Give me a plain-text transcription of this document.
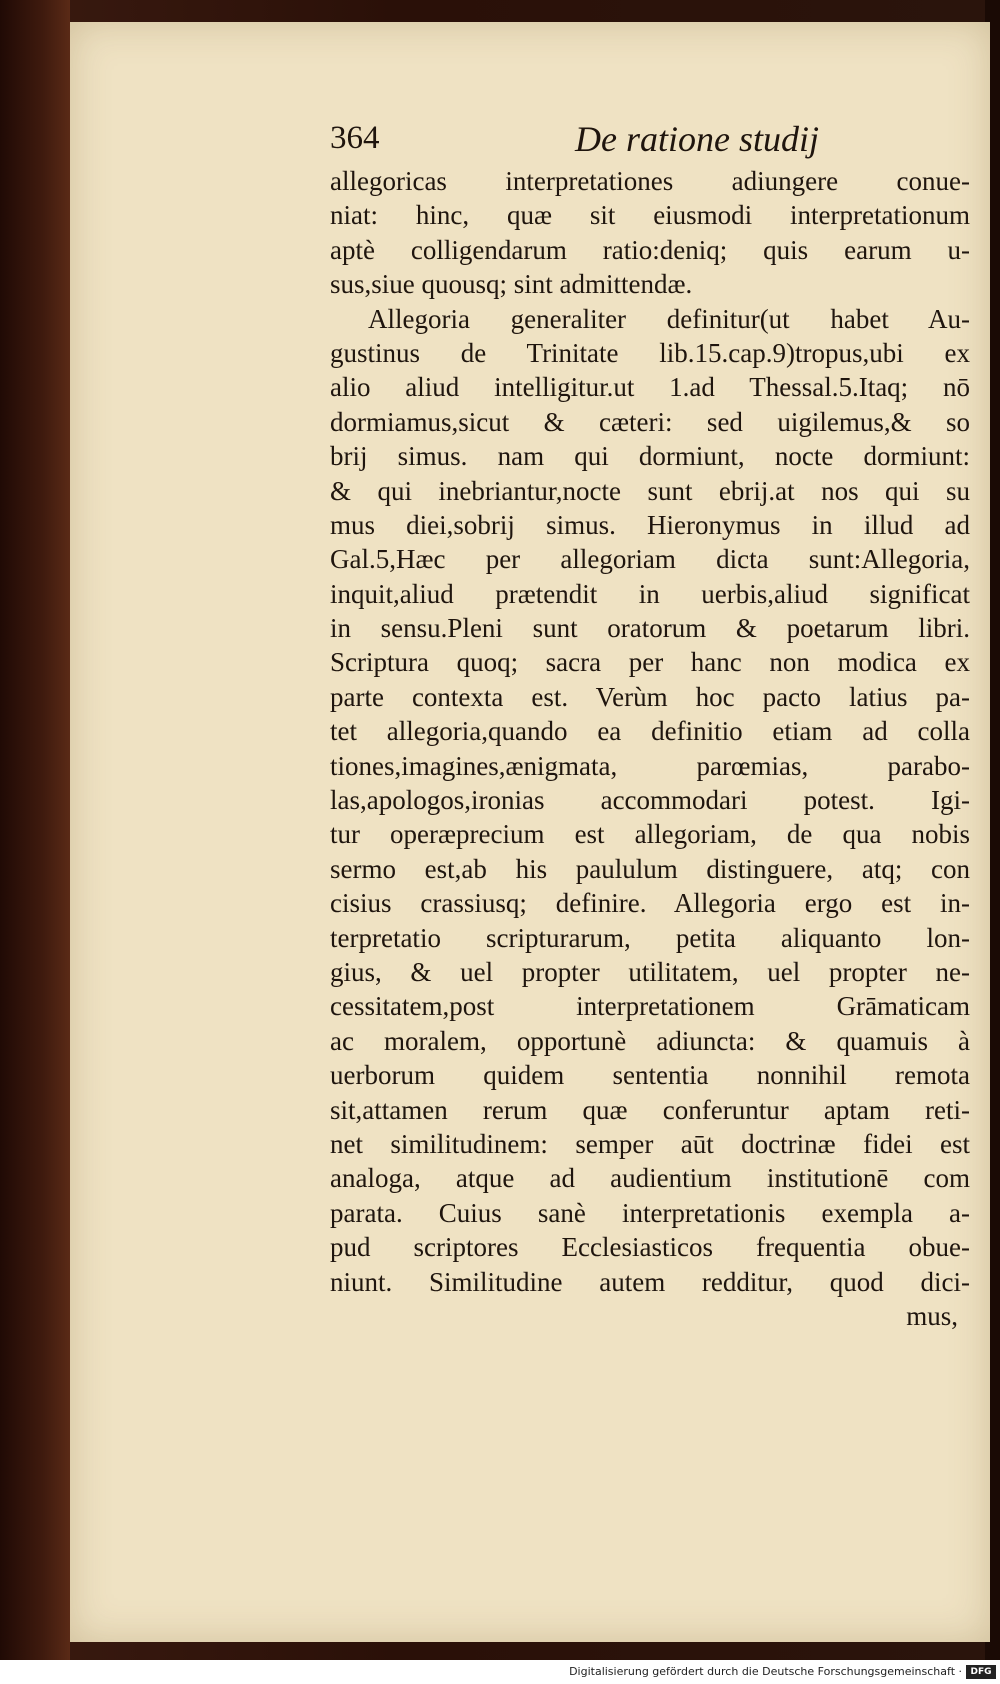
364	De ratione studij
allegoricas interpretationes adiungere conue-
niat: hinc, quæ sit eiusmodi interpretationum
aptè colligendarum ratio:deniq; quis earum u-
sus,siue quousq; sint admittendæ.
Allegoria generaliter definitur(ut habet Au-
gustinus de Trinitate lib.15.cap.9)tropus,ubi ex
alio aliud intelligitur.ut 1.ad Thessal.5.Itaq; nō
dormiamus,sicut & cæteri: sed uigilemus,& so
brij simus. nam qui dormiunt, nocte dormiunt:
& qui inebriantur,nocte sunt ebrij.at nos qui su
mus diei,sobrij simus. Hieronymus in illud ad
Gal.5,Hæc per allegoriam dicta sunt:Allegoria,
inquit,aliud prætendit in uerbis,aliud significat
in sensu.Pleni sunt oratorum & poetarum libri.
Scriptura quoq; sacra per hanc non modica ex
parte contexta est. Verùm hoc pacto latius pa-
tet allegoria,quando ea definitio etiam ad colla
tiones,imagines,ænigmata, parœmias, parabo-
las,apologos,ironias accommodari potest. Igi-
tur operæprecium est allegoriam, de qua nobis
sermo est,ab his paululum distinguere, atq; con
cisius crassiusq; definire. Allegoria ergo est in-
terpretatio scripturarum, petita aliquanto lon-
gius, & uel propter utilitatem, uel propter ne-
cessitatem,post interpretationem Grāmaticam
ac moralem, opportunè adiuncta: & quamuis à
uerborum quidem sententia nonnihil remota
sit,attamen rerum quæ conferuntur aptam reti-
net similitudinem: semper aūt doctrinæ fidei est
analoga, atque ad audientium institutionē com
parata. Cuius sanè interpretationis exempla a-
pud scriptores Ecclesiasticos frequentia obue-
niunt. Similitudine autem redditur, quod dici-
mus,
Digitalisierung gefördert durch die Deutsche Forschungsgemeinschaft · DFG
